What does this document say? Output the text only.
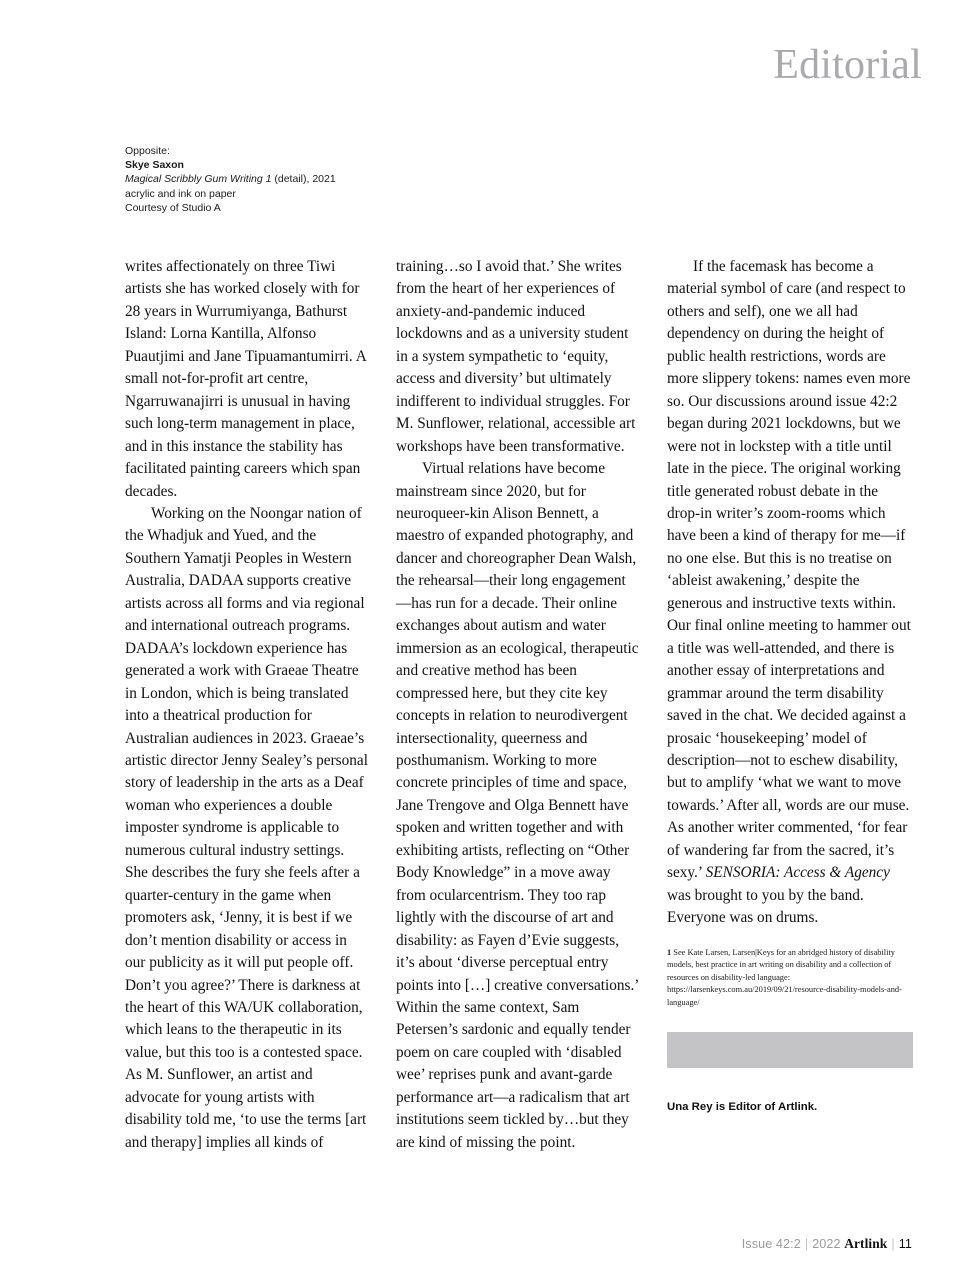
Editorial
Opposite:
Skye Saxon
Magical Scribbly Gum Writing 1 (detail), 2021
acrylic and ink on paper
Courtesy of Studio A

writes affectionately on three Tiwi artists she has worked closely with for 28 years in Wurrumiyanga, Bathurst Island: Lorna Kantilla, Alfonso Puautjimi and Jane Tipuamantumirri. A small not-for-profit art centre, Ngarruwanajirri is unusual in having such long-term management in place, and in this instance the stability has facilitated painting careers which span decades.

Working on the Noongar nation of the Whadjuk and Yued, and the Southern Yamatji Peoples in Western Australia, DADAA supports creative artists across all forms and via regional and international outreach programs. DADAA’s lockdown experience has generated a work with Graeae Theatre in London, which is being translated into a theatrical production for Australian audiences in 2023. Graeae’s artistic director Jenny Sealey’s personal story of leadership in the arts as a Deaf woman who experiences a double imposter syndrome is applicable to numerous cultural industry settings. She describes the fury she feels after a quarter-century in the game when promoters ask, ‘Jenny, it is best if we don’t mention disability or access in our publicity as it will put people off. Don’t you agree?’ There is darkness at the heart of this WA/UK collaboration, which leans to the therapeutic in its value, but this too is a contested space. As M. Sunflower, an artist and advocate for young artists with disability told me, ‘to use the terms [art and therapy] implies all kinds of

training…so I avoid that.’ She writes from the heart of her experiences of anxiety-and-pandemic induced lockdowns and as a university student in a system sympathetic to ‘equity, access and diversity’ but ultimately indifferent to individual struggles. For M. Sunflower, relational, accessible art workshops have been transformative.

Virtual relations have become mainstream since 2020, but for neuroqueer-kin Alison Bennett, a maestro of expanded photography, and dancer and choreographer Dean Walsh, the rehearsal—their long engagement—has run for a decade. Their online exchanges about autism and water immersion as an ecological, therapeutic and creative method has been compressed here, but they cite key concepts in relation to neurodivergent intersectionality, queerness and posthumanism. Working to more concrete principles of time and space, Jane Trengove and Olga Bennett have spoken and written together and with exhibiting artists, reflecting on “Other Body Knowledge” in a move away from ocularcentrism. They too rap lightly with the discourse of art and disability: as Fayen d’Evie suggests, it’s about ‘diverse perceptual entry points into […] creative conversations.’ Within the same context, Sam Petersen’s sardonic and equally tender poem on care coupled with ‘disabled wee’ reprises punk and avant-garde performance art—a radicalism that art institutions seem tickled by…but they are kind of missing the point.

If the facemask has become a material symbol of care (and respect to others and self), one we all had dependency on during the height of public health restrictions, words are more slippery tokens: names even more so. Our discussions around issue 42:2 began during 2021 lockdowns, but we were not in lockstep with a title until late in the piece. The original working title generated robust debate in the drop-in writer’s zoom-rooms which have been a kind of therapy for me—if no one else. But this is no treatise on ‘ableist awakening,’ despite the generous and instructive texts within. Our final online meeting to hammer out a title was well-attended, and there is another essay of interpretations and grammar around the term disability saved in the chat. We decided against a prosaic ‘housekeeping’ model of description—not to eschew disability, but to amplify ‘what we want to move towards.’ After all, words are our muse. As another writer commented, ‘for fear of wandering far from the sacred, it’s sexy.’ SENSORIA: Access & Agency was brought to you by the band. Everyone was on drums.

1 See Kate Larsen, Larsen|Keys for an abridged history of disability models, best practice in art writing on disability and a collection of resources on disability-led language: https://larsenkeys.com.au/2019/09/21/resource-disability-models-and-language/
Una Rey is Editor of Artlink.
Issue 42:2 | 2022 Artlink | 11
